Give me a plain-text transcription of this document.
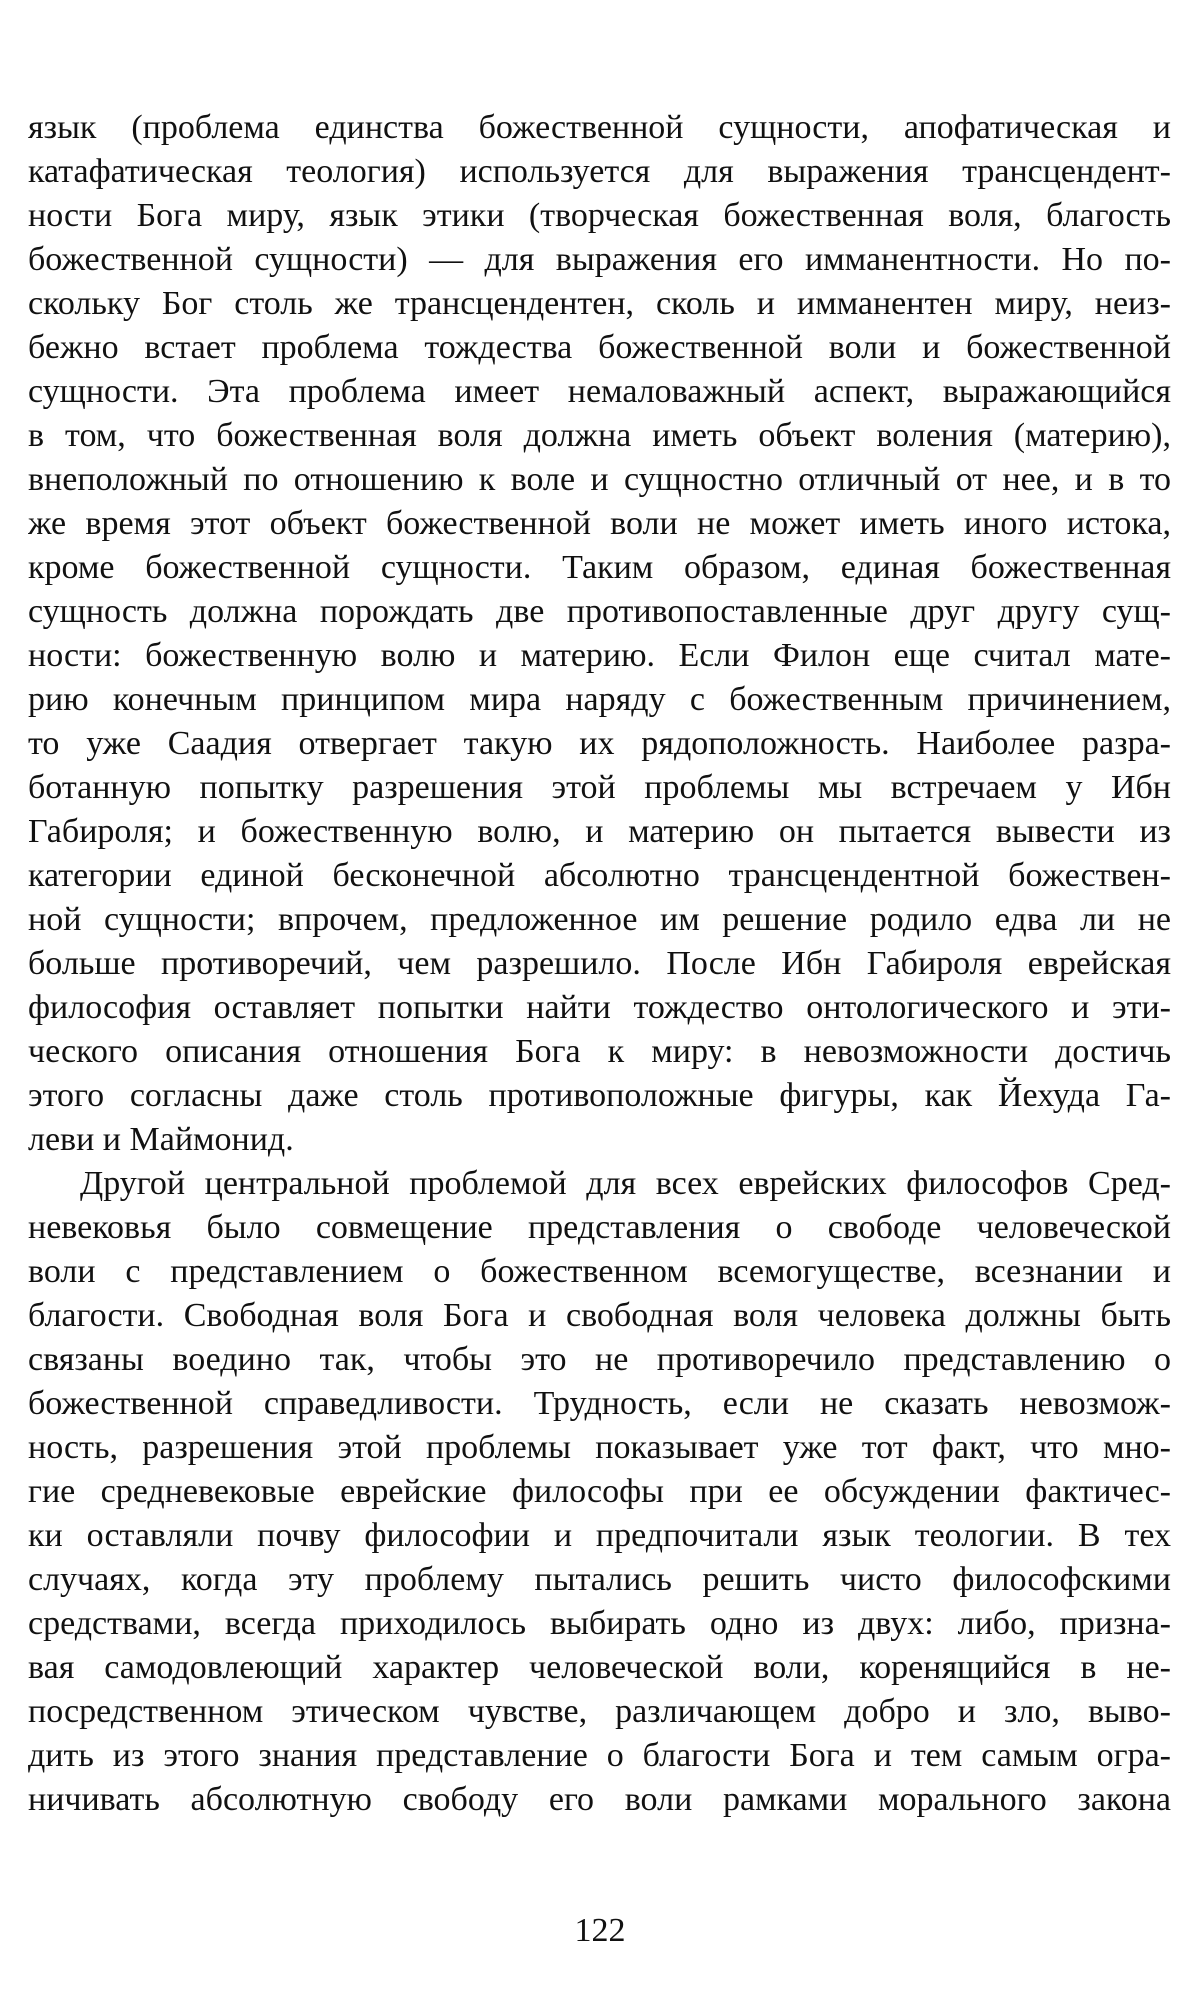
язык (проблема единства божественной сущности, апофатическая и
катафатическая теология) используется для выражения трансцендент-
ности Бога миру, язык этики (творческая божественная воля, благость
божественной сущности) — для выражения его имманентности. Но по-
скольку Бог столь же трансцендентен, сколь и имманентен миру, неиз-
бежно встает проблема тождества божественной воли и божественной
сущности. Эта проблема имеет немаловажный аспект, выражающийся
в том, что божественная воля должна иметь объект воления (материю),
внеположный по отношению к воле и сущностно отличный от нее, и в то
же время этот объект божественной воли не может иметь иного истока,
кроме божественной сущности. Таким образом, единая божественная
сущность должна порождать две противопоставленные друг другу сущ-
ности: божественную волю и материю. Если Филон еще считал мате-
рию конечным принципом мира наряду с божественным причинением,
то уже Саадия отвергает такую их рядоположность. Наиболее разра-
ботанную попытку разрешения этой проблемы мы встречаем у Ибн
Габироля; и божественную волю, и материю он пытается вывести из
категории единой бесконечной абсолютно трансцендентной божествен-
ной сущности; впрочем, предложенное им решение родило едва ли не
больше противоречий, чем разрешило. После Ибн Габироля еврейская
философия оставляет попытки найти тождество онтологического и эти-
ческого описания отношения Бога к миру: в невозможности достичь
этого согласны даже столь противоположные фигуры, как Йехуда Га-
леви и Маймонид.
Другой центральной проблемой для всех еврейских философов Сред-
невековья было совмещение представления о свободе человеческой
воли с представлением о божественном всемогуществе, всезнании и
благости. Свободная воля Бога и свободная воля человека должны быть
связаны воедино так, чтобы это не противоречило представлению о
божественной справедливости. Трудность, если не сказать невозмож-
ность, разрешения этой проблемы показывает уже тот факт, что мно-
гие средневековые еврейские философы при ее обсуждении фактичес-
ки оставляли почву философии и предпочитали язык теологии. В тех
случаях, когда эту проблему пытались решить чисто философскими
средствами, всегда приходилось выбирать одно из двух: либо, призна-
вая самодовлеющий характер человеческой воли, коренящийся в не-
посредственном этическом чувстве, различающем добро и зло, выво-
дить из этого знания представление о благости Бога и тем самым огра-
ничивать абсолютную свободу его воли рамками морального закона
122
